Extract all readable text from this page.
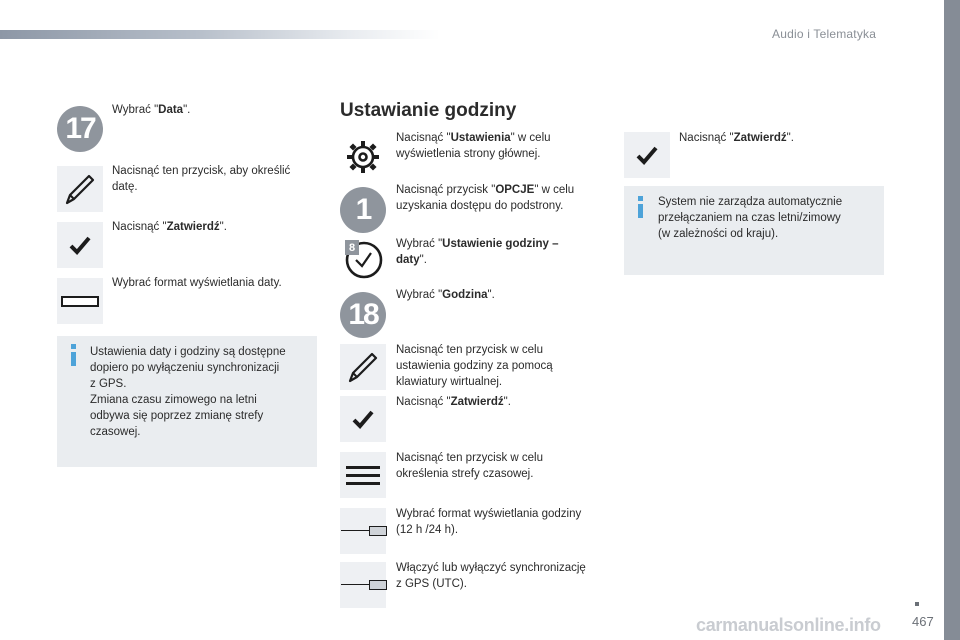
Audio i Telematyka
17
Wybrać "Data".
Nacisnąć ten przycisk, aby określić datę.
Nacisnąć "Zatwierdź".
Wybrać format wyświetlania daty.
Ustawienia daty i godziny są dostępne
dopiero po wyłączeniu synchronizacji
z GPS.
Zmiana czasu zimowego na letni
odbywa się poprzez zmianę strefy
czasowej.
Ustawianie godziny
Nacisnąć "Ustawienia" w celu
wyświetlenia strony głównej.
1
Nacisnąć przycisk "OPCJE" w celu
uzyskania dostępu do podstrony.
8	Wybrać "Ustawienie godziny –
daty".
18
Wybrać "Godzina".
Nacisnąć ten przycisk w celu
ustawienia godziny za pomocą
klawiatury wirtualnej.
Nacisnąć "Zatwierdź".
Nacisnąć ten przycisk w celu
określenia strefy czasowej.
Wybrać format wyświetlania godziny
(12 h /24 h).
Włączyć lub wyłączyć synchronizację
z GPS (UTC).
Nacisnąć "Zatwierdź".
System nie zarządza automatycznie
przełączaniem na czas letni/zimowy
(w zależności od kraju).
carmanualsonline.info 467
